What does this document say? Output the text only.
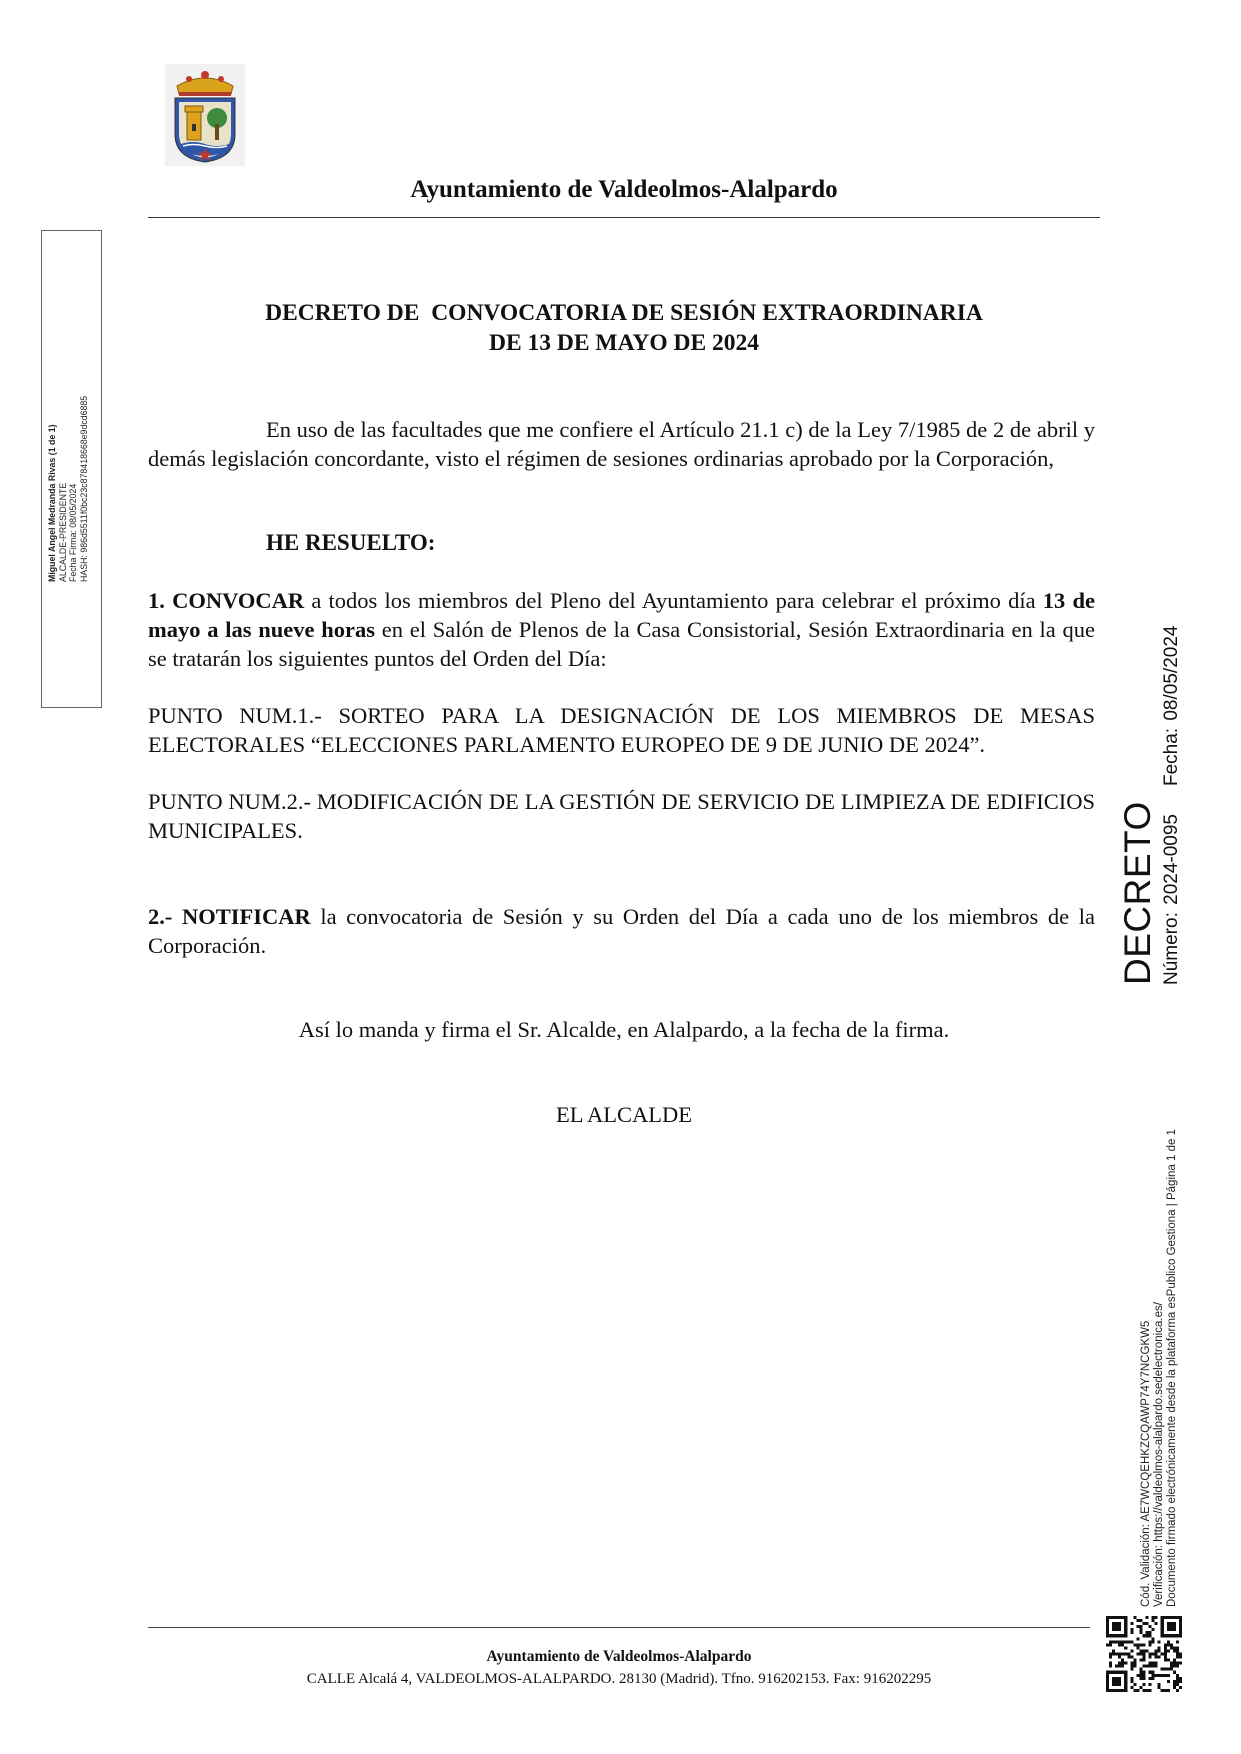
Ayuntamiento de Valdeolmos-Alalpardo
Miguel Angel Medranda Rivas (1 de 1) ALCALDE-PRESIDENTE Fecha Firma: 08/05/2024 HASH: 986d5511f0bc23c878418668e9dcd6885
DECRETO DE  CONVOCATORIA DE SESIÓN EXTRAORDINARIA
DE 13 DE MAYO DE 2024
En uso de las facultades que me confiere el Artículo 21.1 c) de la Ley 7/1985 de 2 de abril y demás legislación concordante, visto el régimen de sesiones ordinarias aprobado por la Corporación,
HE RESUELTO:
1. CONVOCAR a todos los miembros del Pleno del Ayuntamiento para celebrar el próximo día 13 de mayo a las nueve horas en el Salón de Plenos de la Casa Consistorial, Sesión Extraordinaria en la que se tratarán los siguientes puntos del Orden del Día:
PUNTO NUM.1.- SORTEO PARA LA DESIGNACIÓN DE LOS MIEMBROS DE MESAS ELECTORALES “ELECCIONES PARLAMENTO EUROPEO DE 9 DE JUNIO DE 2024”.
PUNTO NUM.2.- MODIFICACIÓN DE LA GESTIÓN DE SERVICIO DE LIMPIEZA DE EDIFICIOS MUNICIPALES.
2.- NOTIFICAR la convocatoria de Sesión y su Orden del Día a cada uno de los miembros de la Corporación.
Así lo manda y firma el Sr. Alcalde, en Alalpardo, a la fecha de la firma.
EL ALCALDE
DECRETO Número: 2024-0095Fecha: 08/05/2024
Cód. Validación: AE7WCQEHKZCQAWP74Y7NCGKW5 Verificación: https://valdeolmos-alalpardo.sedelectronica.es/ Documento firmado electrónicamente desde la plataforma esPublico Gestiona | Página 1 de 1
Ayuntamiento de Valdeolmos-Alalpardo
CALLE Alcalá 4, VALDEOLMOS-ALALPARDO. 28130 (Madrid). Tfno. 916202153. Fax: 916202295
